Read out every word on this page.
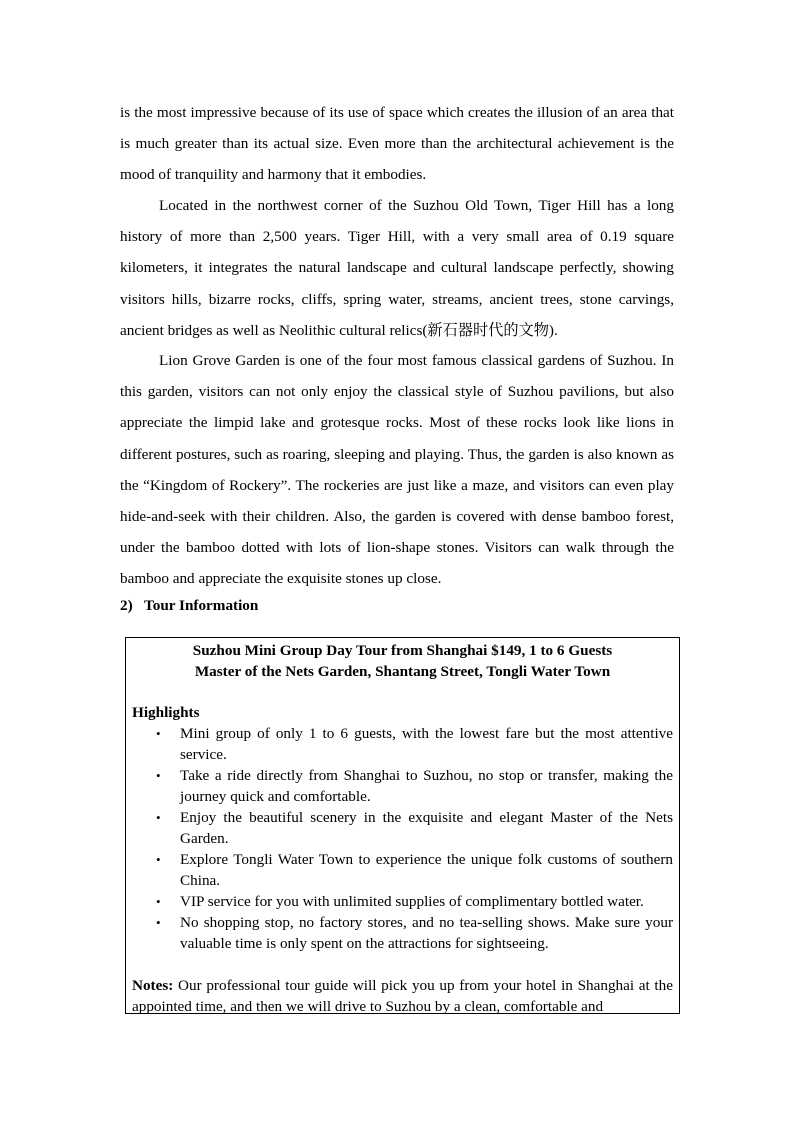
is the most impressive because of its use of space which creates the illusion of an area that is much greater than its actual size. Even more than the architectural achievement is the mood of tranquility and harmony that it embodies.

Located in the northwest corner of the Suzhou Old Town, Tiger Hill has a long history of more than 2,500 years. Tiger Hill, with a very small area of 0.19 square kilometers, it integrates the natural landscape and cultural landscape perfectly, showing visitors hills, bizarre rocks, cliffs, spring water, streams, ancient trees, stone carvings, ancient bridges as well as Neolithic cultural relics(新石器时代的文物).

Lion Grove Garden is one of the four most famous classical gardens of Suzhou. In this garden, visitors can not only enjoy the classical style of Suzhou pavilions, but also appreciate the limpid lake and grotesque rocks. Most of these rocks look like lions in different postures, such as roaring, sleeping and playing. Thus, the garden is also known as the “Kingdom of Rockery”. The rockeries are just like a maze, and visitors can even play hide-and-seek with their children. Also, the garden is covered with dense bamboo forest, under the bamboo dotted with lots of lion-shape stones. Visitors can walk through the bamboo and appreciate the exquisite stones up close.

2) Tour Information

Suzhou Mini Group Day Tour from Shanghai $149, 1 to 6 Guests

Master of the Nets Garden, Shantang Street, Tongli Water Town

Highlights

• Mini group of only 1 to 6 guests, with the lowest fare but the most attentive service.
• Take a ride directly from Shanghai to Suzhou, no stop or transfer, making the journey quick and comfortable.
• Enjoy the beautiful scenery in the exquisite and elegant Master of the Nets Garden.
• Explore Tongli Water Town to experience the unique folk customs of southern China.
• VIP service for you with unlimited supplies of complimentary bottled water.
• No shopping stop, no factory stores, and no tea-selling shows. Make sure your valuable time is only spent on the attractions for sightseeing.

Notes: Our professional tour guide will pick you up from your hotel in Shanghai at the appointed time, and then we will drive to Suzhou by a clean, comfortable and
